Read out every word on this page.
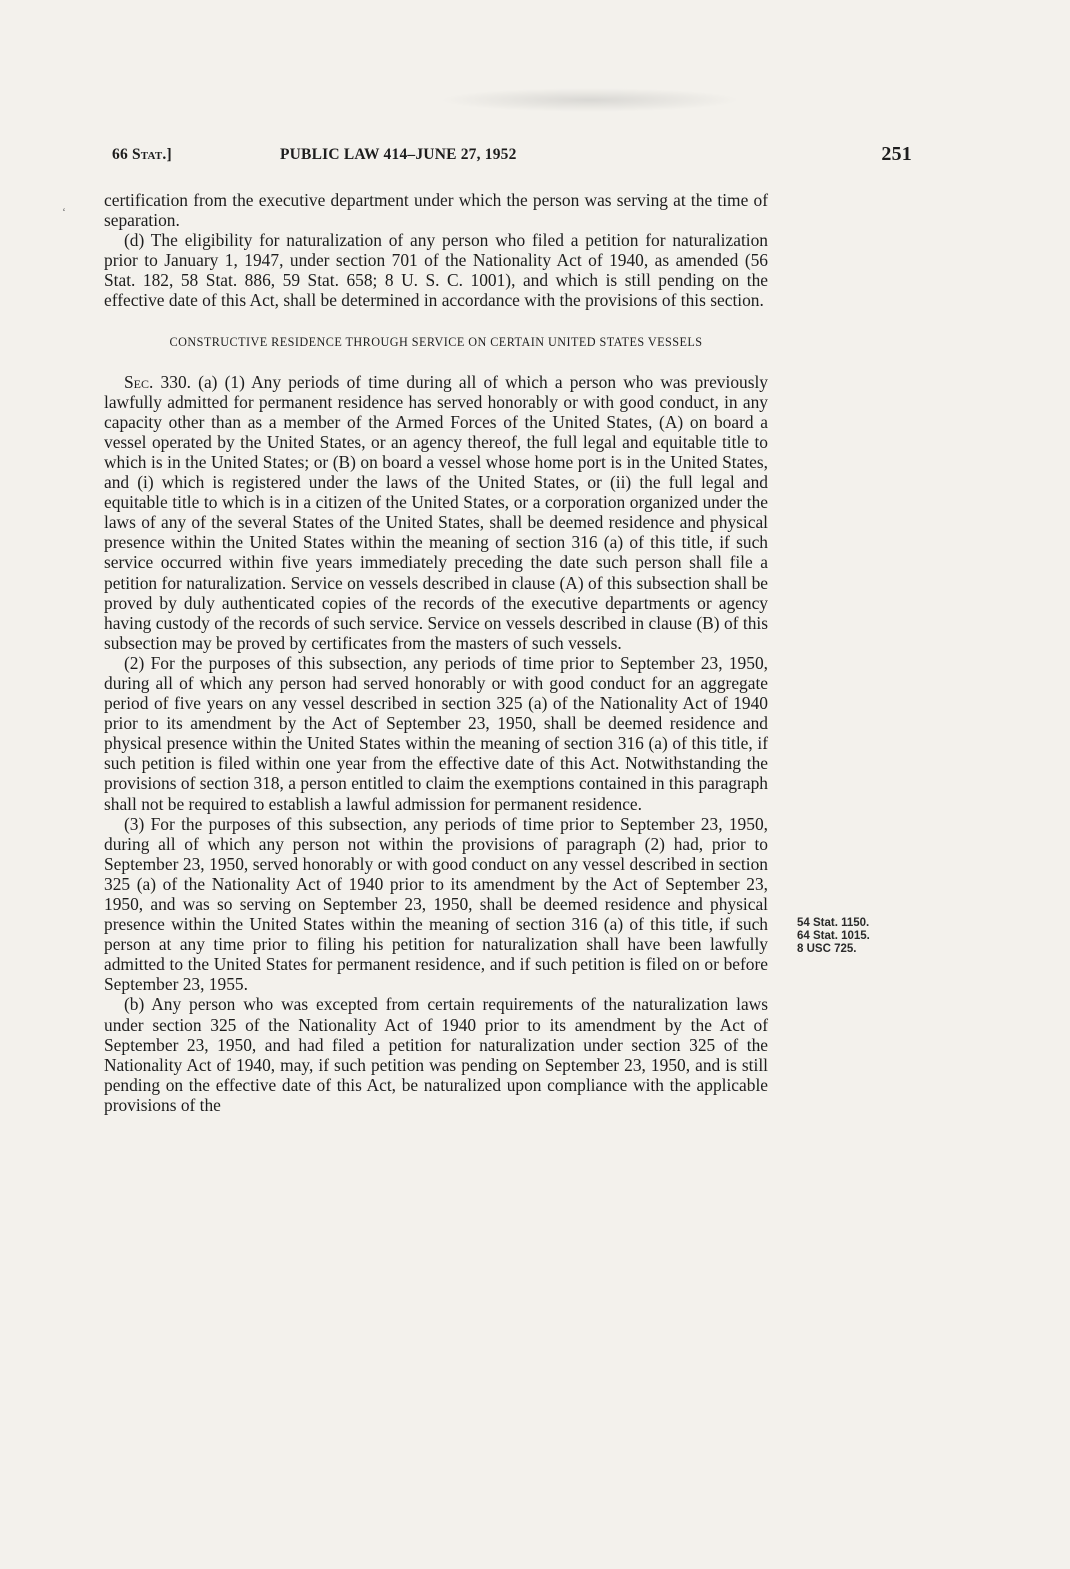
66 Stat.]	PUBLIC LAW 414–JUNE 27, 1952	251
‘

certification from the executive department under which the person was serving at the time of separation.

(d) The eligibility for naturalization of any person who filed a petition for naturalization prior to January 1, 1947, under section 701 of the Nationality Act of 1940, as amended (56 Stat. 182, 58 Stat. 886, 59 Stat. 658; 8 U. S. C. 1001), and which is still pending on the effective date of this Act, shall be determined in accordance with the provisions of this section.

CONSTRUCTIVE RESIDENCE THROUGH SERVICE ON CERTAIN UNITED STATES VESSELS

Sec. 330. (a) (1) Any periods of time during all of which a person who was previously lawfully admitted for permanent residence has served honorably or with good conduct, in any capacity other than as a member of the Armed Forces of the United States, (A) on board a vessel operated by the United States, or an agency thereof, the full legal and equitable title to which is in the United States; or (B) on board a vessel whose home port is in the United States, and (i) which is registered under the laws of the United States, or (ii) the full legal and equitable title to which is in a citizen of the United States, or a corporation organized under the laws of any of the several States of the United States, shall be deemed residence and physical presence within the United States within the meaning of section 316 (a) of this title, if such service occurred within five years immediately preceding the date such person shall file a petition for naturalization. Service on vessels described in clause (A) of this subsection shall be proved by duly authenticated copies of the records of the executive departments or agency having custody of the records of such service. Service on vessels described in clause (B) of this subsection may be proved by certificates from the masters of such vessels.

(2) For the purposes of this subsection, any periods of time prior to September 23, 1950, during all of which any person had served honorably or with good conduct for an aggregate period of five years on any vessel described in section 325 (a) of the Nationality Act of 1940 prior to its amendment by the Act of September 23, 1950, shall be deemed residence and physical presence within the United States within the meaning of section 316 (a) of this title, if such petition is filed within one year from the effective date of this Act. Notwithstanding the provisions of section 318, a person entitled to claim the exemptions contained in this paragraph shall not be required to establish a lawful admission for permanent residence.

(3) For the purposes of this subsection, any periods of time prior to September 23, 1950, during all of which any person not within the provisions of paragraph (2) had, prior to September 23, 1950, served honorably or with good conduct on any vessel described in section 325 (a) of the Nationality Act of 1940 prior to its amendment by the Act of September 23, 1950, and was so serving on September 23, 1950, shall be deemed residence and physical presence within the United States within the meaning of section 316 (a) of this title, if such person at any time prior to filing his petition for naturalization shall have been lawfully admitted to the United States for permanent residence, and if such petition is filed on or before September 23, 1955.

(b) Any person who was excepted from certain requirements of the naturalization laws under section 325 of the Nationality Act of 1940 prior to its amendment by the Act of September 23, 1950, and had filed a petition for naturalization under section 325 of the Nationality Act of 1940, may, if such petition was pending on September 23, 1950, and is still pending on the effective date of this Act, be naturalized upon compliance with the applicable provisions of the

54 Stat. 1150.
64 Stat. 1015.
8 USC 725.
